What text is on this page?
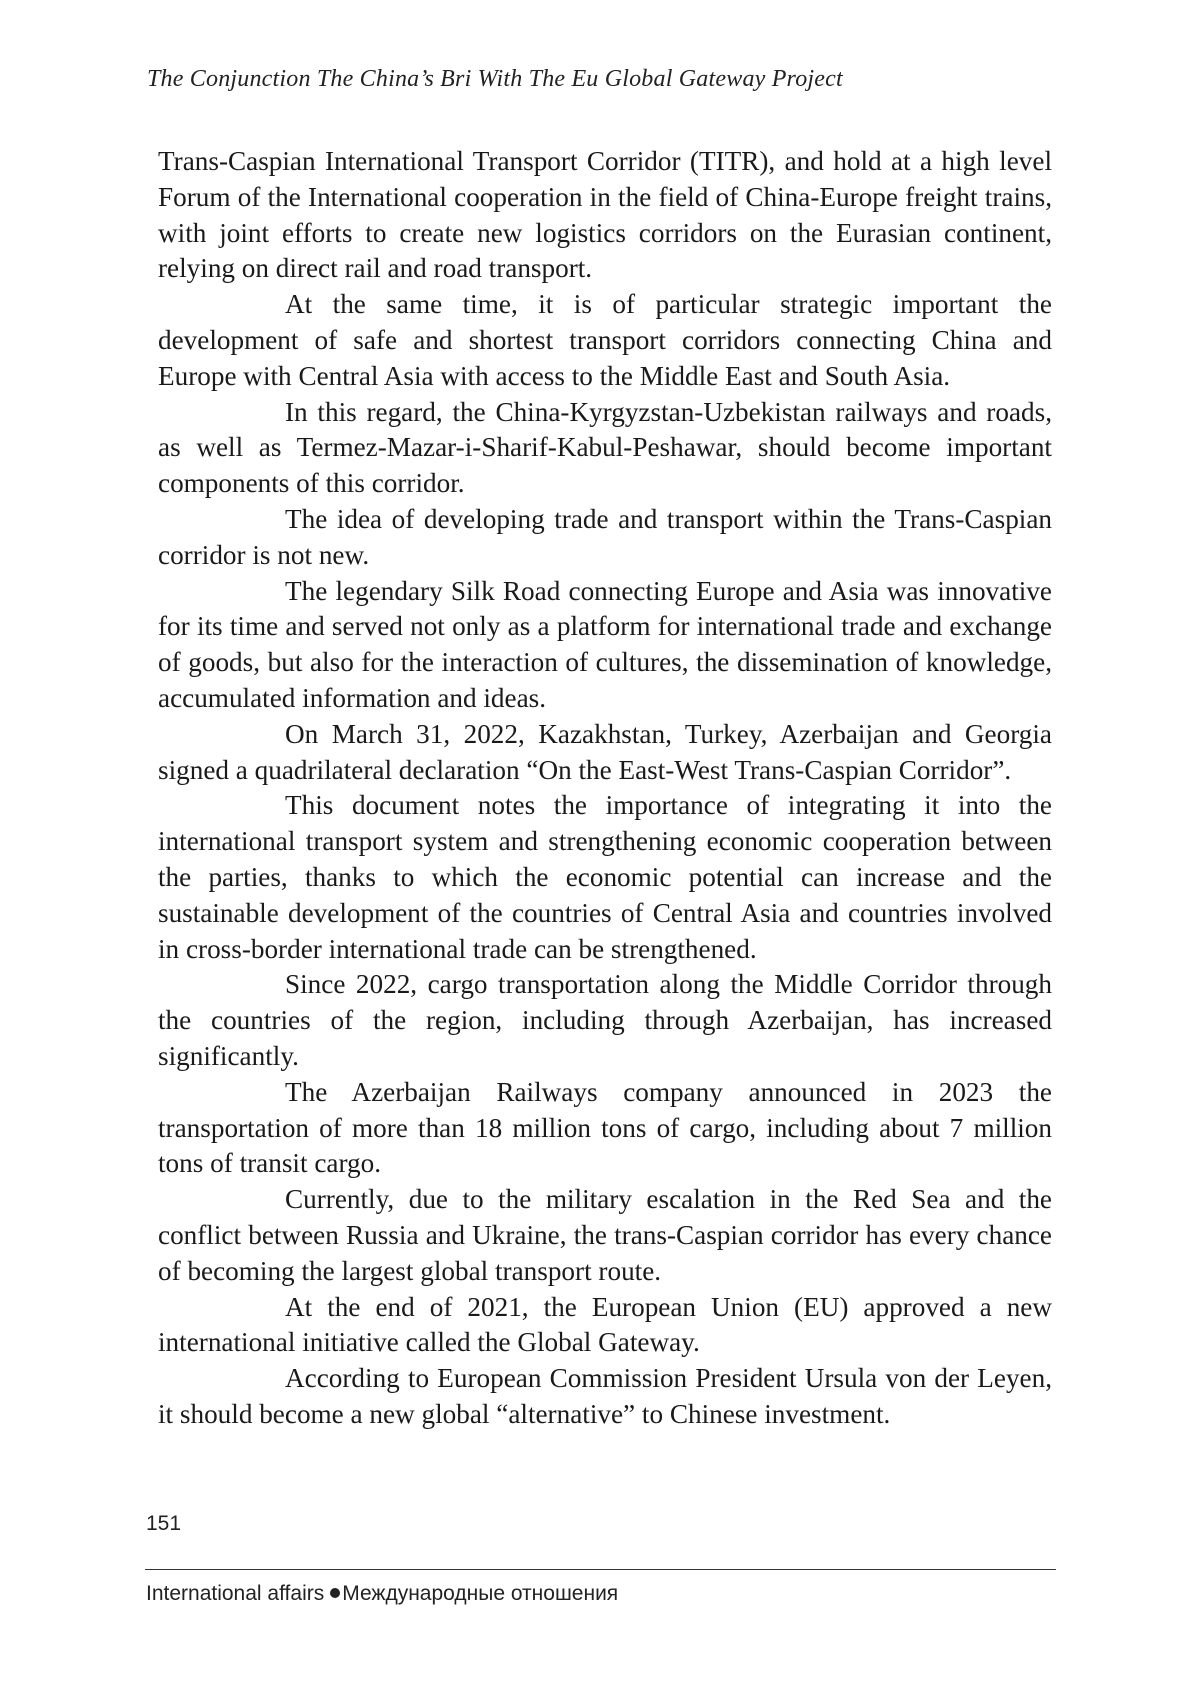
The Conjunction The China’s Bri With The Eu Global Gateway Project

Trans-Caspian International Transport Corridor (TITR), and hold at a high level Forum of the International cooperation in the field of China-Europe freight trains, with joint efforts to create new logistics corridors on the Eurasian continent, relying on direct rail and road transport.

At the same time, it is of particular strategic important the development of safe and shortest transport corridors connecting China and Europe with Central Asia with access to the Middle East and South Asia.

In this regard, the China-Kyrgyzstan-Uzbekistan railways and roads, as well as Termez-Mazar-i-Sharif-Kabul-Peshawar, should become important components of this corridor.

The idea of developing trade and transport within the Trans-Caspian corridor is not new.

The legendary Silk Road connecting Europe and Asia was innovative for its time and served not only as a platform for international trade and exchange of goods, but also for the interaction of cultures, the dissemination of knowledge, accumulated information and ideas.

On March 31, 2022, Kazakhstan, Turkey, Azerbaijan and Georgia signed a quadrilateral declaration “On the East-West Trans-Caspian Corridor”.

This document notes the importance of integrating it into the international transport system and strengthening economic cooperation between the parties, thanks to which the economic potential can increase and the sustainable development of the countries of Central Asia and countries involved in cross-border international trade can be strengthened.

Since 2022, cargo transportation along the Middle Corridor through the countries of the region, including through Azerbaijan, has increased significantly.

The Azerbaijan Railways company announced in 2023 the transportation of more than 18 million tons of cargo, including about 7 million tons of transit cargo.

Currently, due to the military escalation in the Red Sea and the conflict between Russia and Ukraine, the trans-Caspian corridor has every chance of becoming the largest global transport route.

At the end of 2021, the European Union (EU) approved a new international initiative called the Global Gateway.

According to European Commission President Ursula von der Leyen, it should become a new global “alternative” to Chinese investment.

151
International affairs Международные отношения
